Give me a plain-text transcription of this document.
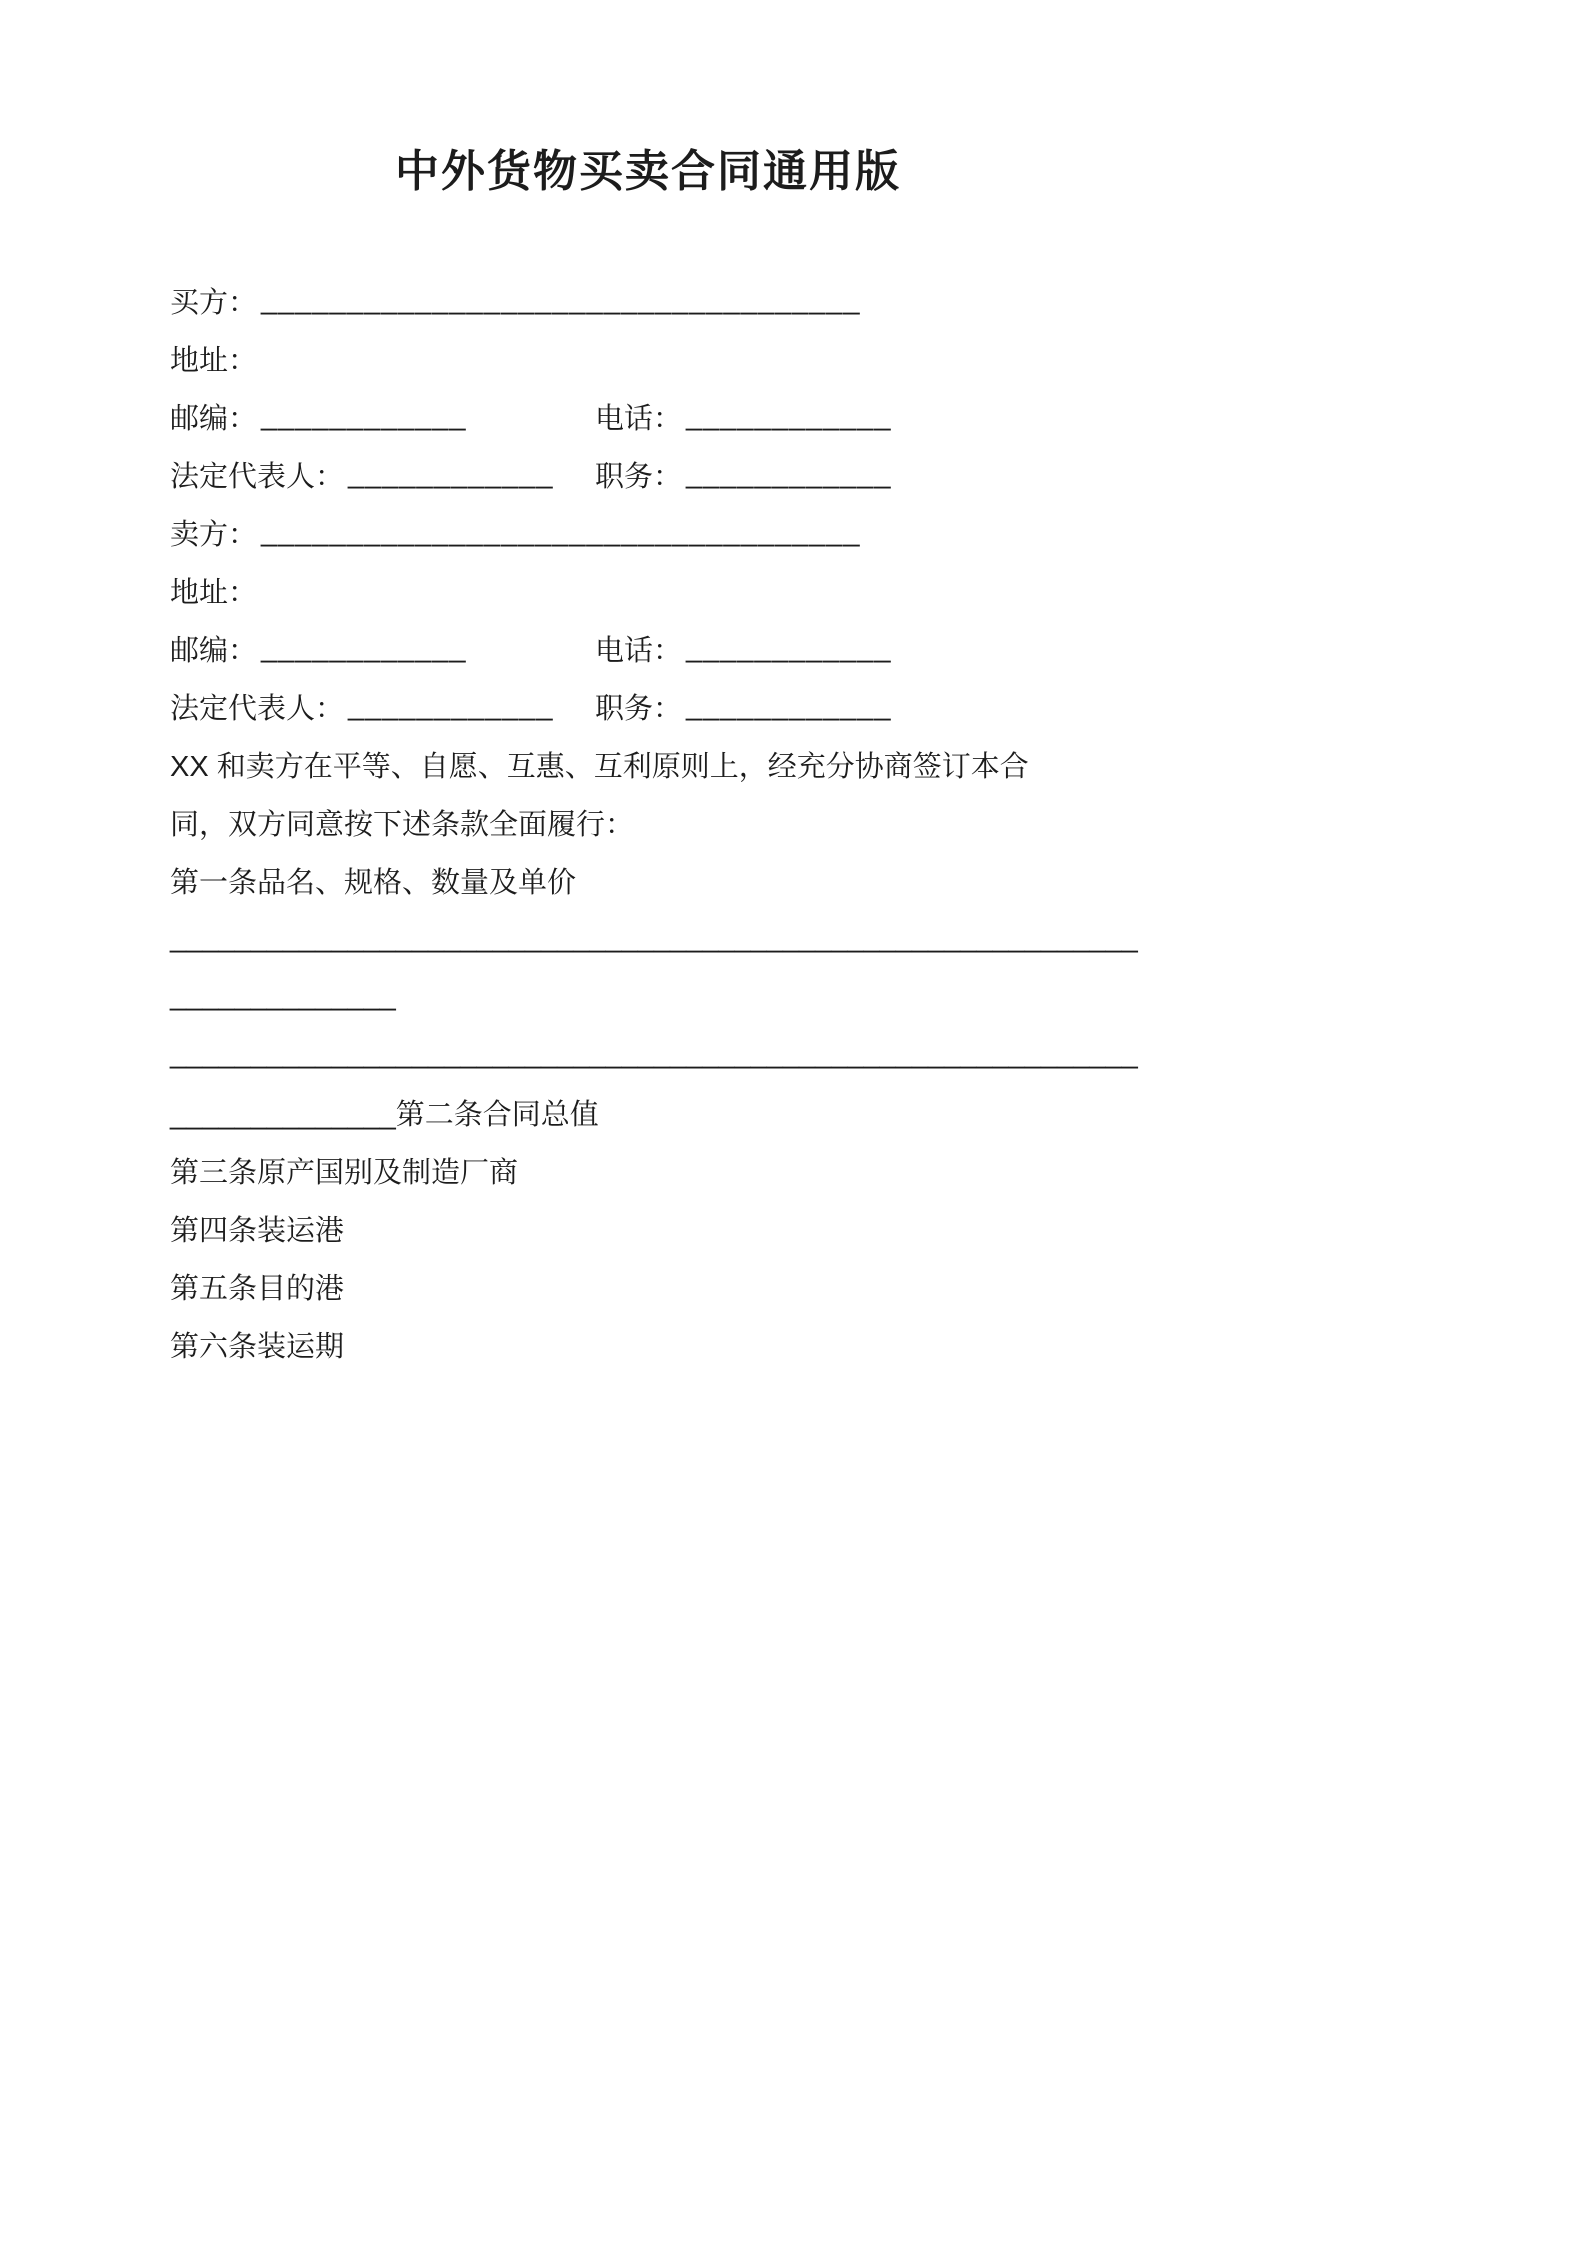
中外货物买卖合同通用版
买方： ___________________________________
地址：
邮编： ____________	电话： ____________
法定代表人： ____________ 职务： ____________
卖方： ___________________________________
地址：
邮编： ____________	电话： ____________
法定代表人： ____________ 职务： ____________
XX 和卖方在平等、自愿、互惠、互利原则上，经充分协商签订本合
同，双方同意按下述条款全面履行：
第一条品名、规格、数量及单价
____________________________________________________________
______________
____________________________________________________________
______________第二条合同总值
第三条原产国别及制造厂商
第四条装运港
第五条目的港
第六条装运期
